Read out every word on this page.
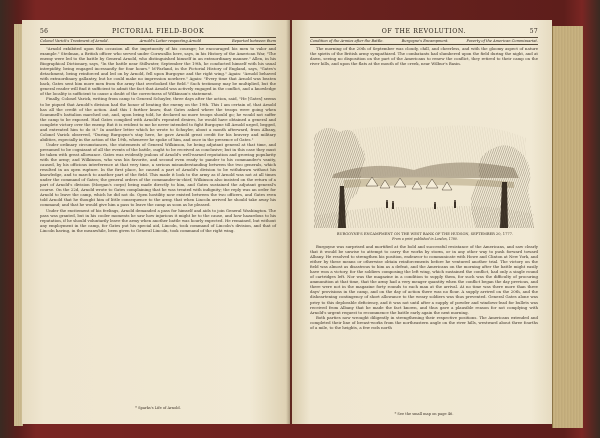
56	PICTORIAL FIELD-BOOK
Colonel Varick's Treatment of Arnold.	Arnold's Letter respecting Arnold	Reported between them

"Arnold exhibited upon this occasion all the impetuosity of his courage; he encouraged his men to valor and example." Stedman, a British officer who served under Cornwallis here, says, in his History of the American War, "The enemy were led to the battle by General Arnold, who distinguished himself in an extraordinary manner." Allen, in his Biographical Dictionary, says, "In the battle near Stillwater, September the 19th, he conducted himself with his usual intrepidity, being engaged incessantly for four hours." M'Farland, in the Pictorial History of England, says, "Gates's detachment, being reinforced and led on by Arnold, fell upon Burgoyne and the right wing." Again: "Arnold behaved with extraordinary gallantry, but he could make no impression nowhere." Again: "Every time that Arnold was beaten back, Gates sent him more men from the army that overlooked the field." Such testimony may be multiplied, but the general reader will find it sufficient to admit the fact that Arnold was actively engaged in the conflict, and a knowledge of the locality is sufficient to cause a doubt of the correctness of Wilkinson's statement.

Finally, Colonel Varick, writing from camp to General Schuyler, three days after the action, said, "He [Gates] seems to be piqued that Arnold's division had the honor of beating the enemy on the 19th. This I am certain of, that Arnold has all the credit of the action. And this I further know, that Gates asked where the troops were going when Scammell's battalion marched out, and, upon being told, he declared no more troops should go; he would not suffer the camp to be exposed. Had Gates complied with Arnold's repeated desires, he would have obtained a general and complete victory over the enemy. But it is evident to me he never intended to fight Burgoyne till Arnold urged, begged, and entreated him to do it." In another letter which he wrote to Schuyler, about a month afterward, from Albany, Colonel Varick observed, "During Burgoyne's stay here, he gave Arnold great credit for his bravery and military abilities, especially in the action of the 19th, whenever he spoke of him, and once in the presence of Gates."

Under ordinary circumstances, the statements of General Wilkinson, he being adjutant general at that time, and presumed to be cognizant of all the events of the battle, ought to be received as conclusive; but in this case they must be taken with great allowance. Gates was evidently jealous of Arnold's well-earned reputation and growing popularity with the army; and Wilkinson, who was his favorite, and second even ready to pander to his commander's vanity, caused, by his officious interference at that very time, a serious misunderstanding between the two generals, which resulted in an open rupture. In the first place, he caused a part of Arnold's division to be withdrawn without his knowledge, and to march to another part of the field. This made it look to the army as if Arnold was not at all times under the command of Gates; the general orders of the commander-in-chief, Wilkinson also insisted on the return of a part of Arnold's division (Morgan's corps) being made directly to him, and Gates sustained the adjutant general's course. On the 22d, Arnold wrote to Gates complaining that he was treated with indignity; the reply was an order for Arnold to leave the camp, which he did not do. Open hostility now existed between the two officers, and Gates even told Arnold that he thought him of little consequence to the army, that when Lincoln arrived he should take away his command; and that he would give him a pass to leave the camp as soon as he pleased.

Under the excitement of his feelings, Arnold demanded a pass for himself and aids to join General Washington. The pass was granted, but in his cooler moments he saw how injurious it might be to the cause, and how hazardous to his reputation, if he should voluntarily leave the army when another battle was hourly expected. He remained, but without any employment in the camp, for Gates put his special aid, Lincoln, took command of Lincoln's division, and that of Lincoln having, in the meanwhile, been given to General Lincoln, took command of the right wing.

* Sparks's Life of Arnold.
OF THE REVOLUTION.	57
Condition of the Armies after the Battle.	Burgoyne's Encampment.	Poverty of the American Commissariat.

The morning of the 20th of September was cloudy, chill, and cheerless, and with the gloomy aspect of nature the spirits of the British army sympathized. The combatants had slumbered upon the field during the night, and at dawn, seeing no disposition on the part of the Americans to renew the conflict, they retired to their camp on the river hills, and upon the flats at the mouth of the creek, near Wilbur's Basin.

BURGOYNE'S ENCAMPMENT ON THE WEST BANK OF THE HUDSON, SEPTEMBER 20, 1777.
From a print published in London, 1780.

Burgoyne was surprised and mortified at the bold and successful resistance of the Americans, and saw clearly that it would be unwise to attempt to carry the works by storm, or in any other way to push forward toward Albany. He resolved to strengthen his position, endeavor to communicate with Howe and Clinton at New York, and either by these means or otherwise obtain reinforcements before he ventured another trial. The victory on the field was almost as disastrous to him as a defeat, and the Americans on the morning after the battle might easily have won a victory, for the soldiers composing the left wing, which sustained the conflict, had only a single round of cartridges left. Nor was the magazine in a condition to supply them, for such was the difficulty of procuring ammunition at that time, that the army had a very meager quantity when the conflict began the day previous, and there were not in the magazine forty rounds to each man at the arrival. At no time was there more than three days' provisions in the camp, and on the day of action there was no flour. A supply arrived on the 20th, and the disheartening contingency of short allowance to the weary soldiers was thus prevented. General Gates alone was privy to this deplorable deficiency, and it was not until after a supply of powder and windows-lead for bullets was received from Albany that he made the fact known, and thus gave a plausible reason for not complying with Arnold's urgent request to recommence the battle early again the next morning.

Both parties now wrought diligently in strengthening their respective positions. The Americans extended and completed their line of breast-works from the northeastern angle on the river hills, westward about three fourths of a mile, to the heights, a few rods north

* See the small map on page 46.
